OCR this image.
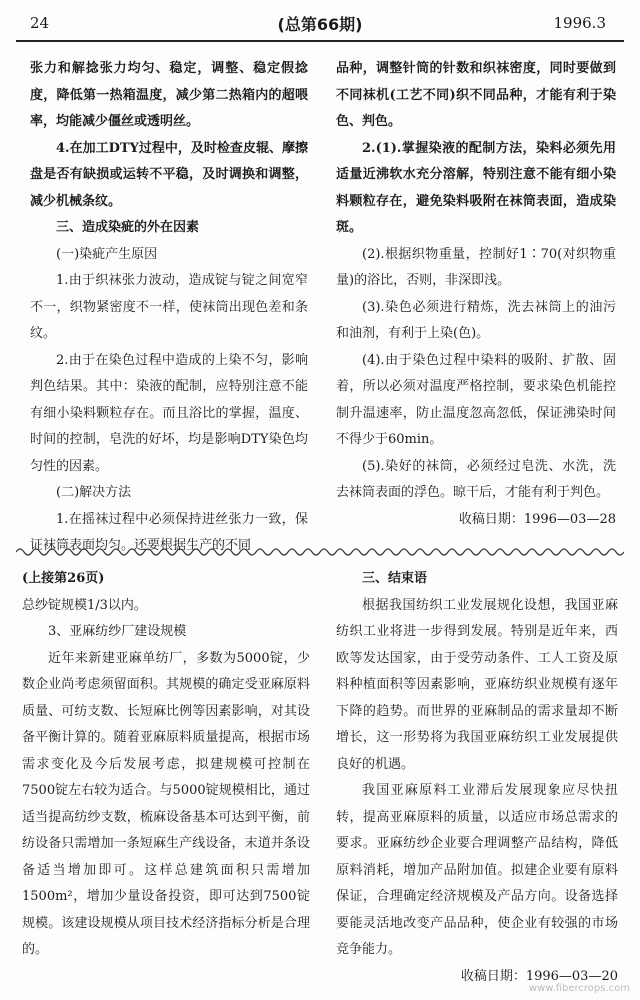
24	(总第66期)	1996.3

张力和解捻张力均匀、稳定，调整、稳定假捻度，降低第一热箱温度，减少第二热箱内的超喂率，均能减少僵丝或透明丝。

4.在加工DTY过程中，及时检查皮辊、摩擦盘是否有缺损或运转不平稳，及时调换和调整，减少机械条纹。

三、造成染疵的外在因素

(一)染疵产生原因

1.由于织袜张力波动，造成锭与锭之间宽窄不一，织物紧密度不一样，使袜筒出现色差和条纹。

2.由于在染色过程中造成的上染不匀，影响判色结果。其中：染液的配制，应特别注意不能有细小染料颗粒存在。而且浴比的掌握，温度、时间的控制，皂洗的好坏，均是影响DTY染色均匀性的因素。

(二)解决方法

1.在摇袜过程中必须保持进丝张力一致，保证袜筒表面均匀。还要根据生产的不同

品种，调整针筒的针数和织袜密度，同时要做到不同袜机(工艺不同)织不同品种，才能有利于染色、判色。

2.(1).掌握染液的配制方法，染料必须先用适量近沸软水充分溶解，特别注意不能有细小染料颗粒存在，避免染料吸附在袜筒表面，造成染斑。

(2).根据织物重量，控制好1∶70(对织物重量)的浴比，否则，非深即浅。

(3).染色必须进行精炼，洗去袜筒上的油污和油剂，有利于上染(色)。

(4).由于染色过程中染料的吸附、扩散、固着，所以必须对温度严格控制，要求染色机能控制升温速率，防止温度忽高忽低，保证沸染时间不得少于60min。

(5).染好的袜筒，必须经过皂洗、水洗，洗去袜筒表面的浮色。晾干后，才能有利于判色。

收稿日期：1996—03—28

(上接第26页)

总纱锭规模1/3以内。

3、亚麻纺纱厂建设规模

近年来新建亚麻单纺厂，多数为5000锭，少数企业尚考虑须留面积。其规模的确定受亚麻原料质量、可纺支数、长短麻比例等因素影响，对其设备平衡计算的。随着亚麻原料质量提高，根据市场需求变化及今后发展考虑，拟建规模可控制在7500锭左右较为适合。与5000锭规模相比，通过适当提高纺纱支数，梳麻设备基本可达到平衡，前纺设备只需增加一条短麻生产线设备，末道并条设备适当增加即可。这样总建筑面积只需增加1500m²，增加少量设备投资，即可达到7500锭规模。该建设规模从项目技术经济指标分析是合理的。

三、结束语

根据我国纺织工业发展规化设想，我国亚麻纺织工业将进一步得到发展。特别是近年来，西欧等发达国家，由于受劳动条件、工人工资及原料种植面积等因素影响，亚麻纺织业规模有逐年下降的趋势。而世界的亚麻制品的需求量却不断增长，这一形势将为我国亚麻纺织工业发展提供良好的机遇。

我国亚麻原料工业滞后发展现象应尽快扭转，提高亚麻原料的质量，以适应市场总需求的要求。亚麻纺纱企业要合理调整产品结构，降低原料消耗，增加产品附加值。拟建企业要有原料保证，合理确定经济规模及产品方向。设备选择要能灵活地改变产品品种，使企业有较强的市场竞争能力。

收稿日期：1996—03—20

www.fibercrops.com
